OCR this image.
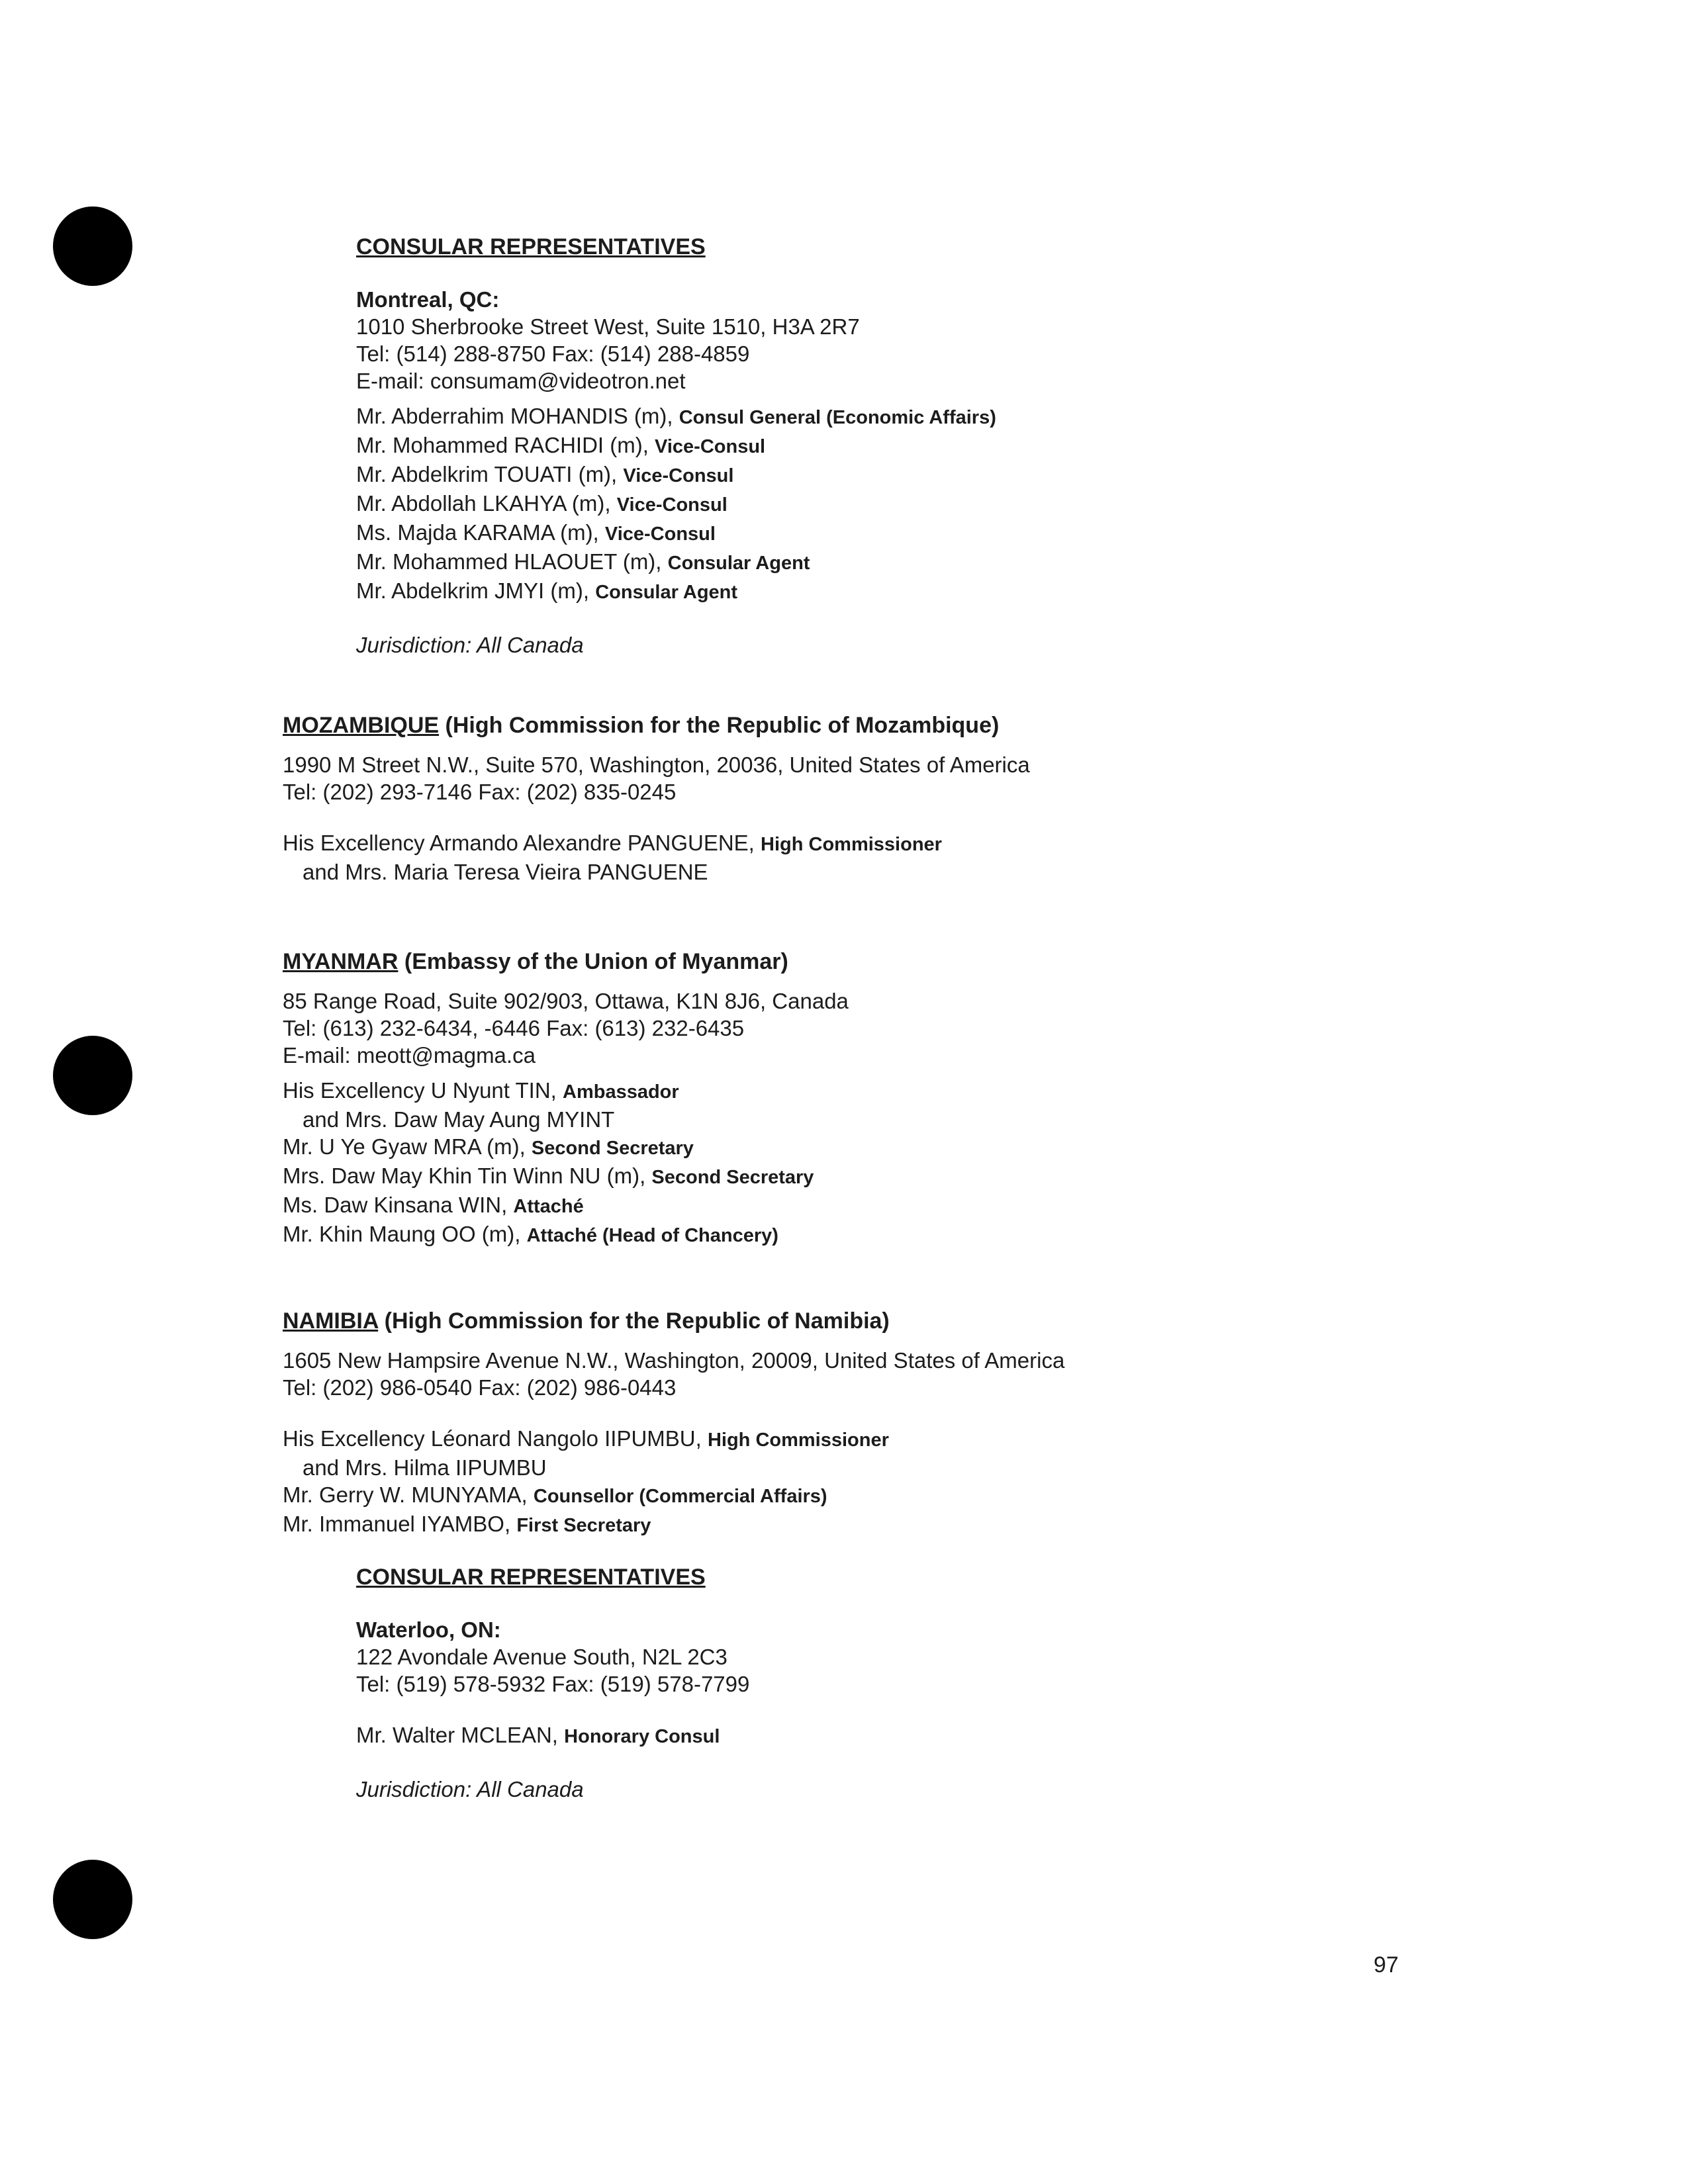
CONSULAR REPRESENTATIVES
Montreal, QC:
1010 Sherbrooke Street West, Suite 1510, H3A 2R7
Tel: (514) 288-8750 Fax: (514) 288-4859
E-mail: consumam@videotron.net
Mr. Abderrahim MOHANDIS (m), Consul General (Economic Affairs)
Mr. Mohammed RACHIDI (m), Vice-Consul
Mr. Abdelkrim TOUATI (m), Vice-Consul
Mr. Abdollah LKAHYA (m), Vice-Consul
Ms. Majda KARAMA (m), Vice-Consul
Mr. Mohammed HLAOUET (m), Consular Agent
Mr. Abdelkrim JMYI (m), Consular Agent
Jurisdiction: All Canada
MOZAMBIQUE (High Commission for the Republic of Mozambique)
1990 M Street N.W., Suite 570, Washington, 20036, United States of America
Tel: (202) 293-7146 Fax: (202) 835-0245
His Excellency Armando Alexandre PANGUENE, High Commissioner
and Mrs. Maria Teresa Vieira PANGUENE
MYANMAR (Embassy of the Union of Myanmar)
85 Range Road, Suite 902/903, Ottawa, K1N 8J6, Canada
Tel: (613) 232-6434, -6446 Fax: (613) 232-6435
E-mail: meott@magma.ca
His Excellency U Nyunt TIN, Ambassador
and Mrs. Daw May Aung MYINT
Mr. U Ye Gyaw MRA (m), Second Secretary
Mrs. Daw May Khin Tin Winn NU (m), Second Secretary
Ms. Daw Kinsana WIN, Attaché
Mr. Khin Maung OO (m), Attaché (Head of Chancery)
NAMIBIA (High Commission for the Republic of Namibia)
1605 New Hampsire Avenue N.W., Washington, 20009, United States of America
Tel: (202) 986-0540 Fax: (202) 986-0443
His Excellency Léonard Nangolo IIPUMBU, High Commissioner
and Mrs. Hilma IIPUMBU
Mr. Gerry W. MUNYAMA, Counsellor (Commercial Affairs)
Mr. Immanuel IYAMBO, First Secretary
CONSULAR REPRESENTATIVES
Waterloo, ON:
122 Avondale Avenue South, N2L 2C3
Tel: (519) 578-5932 Fax: (519) 578-7799
Mr. Walter MCLEAN, Honorary Consul
Jurisdiction: All Canada
97
